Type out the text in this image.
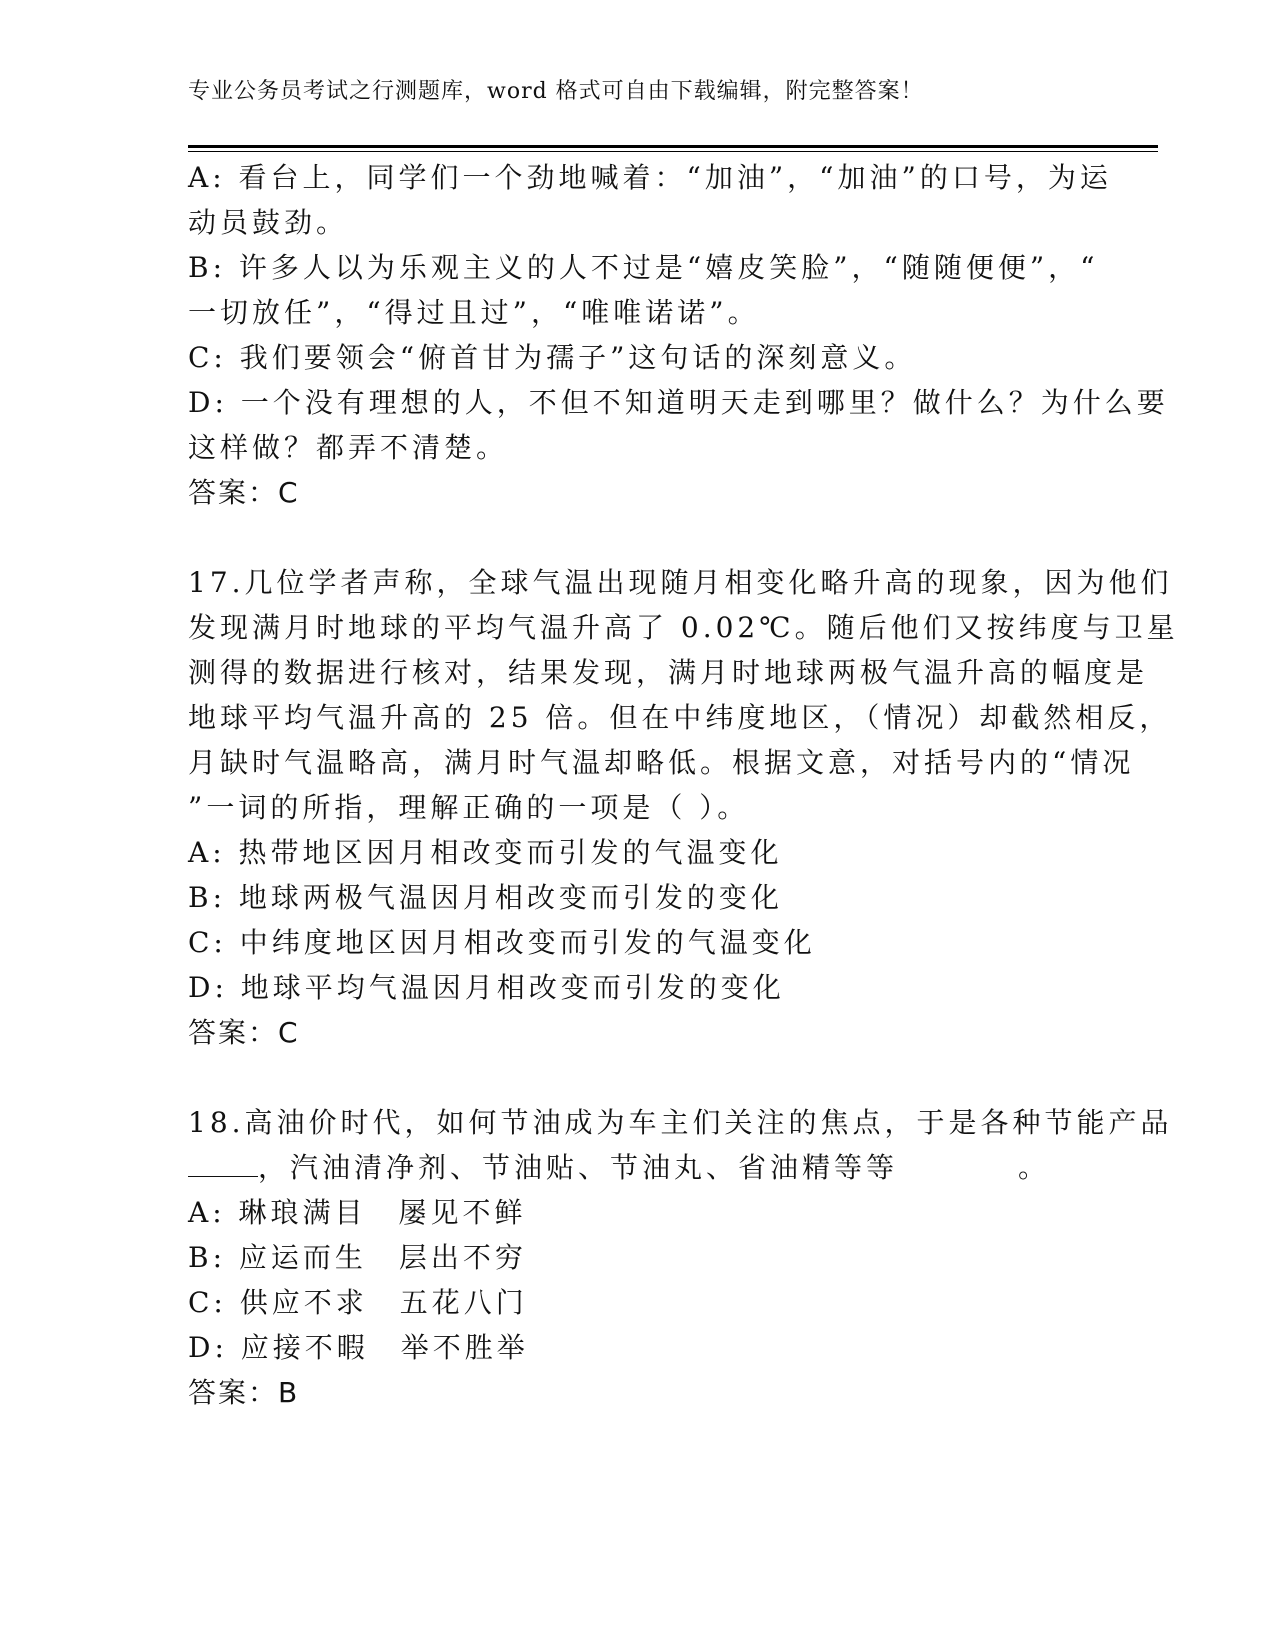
专业公务员考试之行测题库，word 格式可自由下载编辑，附完整答案！
A: 看台上，同学们一个劲地喊着：“加油”，“加油”的口号，为运
动员鼓劲。
B: 许多人以为乐观主义的人不过是“嬉皮笑脸”，“随随便便”，“
一切放任”，“得过且过”，“唯唯诺诺”。
C: 我们要领会“俯首甘为孺子”这句话的深刻意义。
D: 一个没有理想的人，不但不知道明天走到哪里？做什么？为什么要
这样做？都弄不清楚。
答案：C
17.几位学者声称，全球气温出现随月相变化略升高的现象，因为他们
发现满月时地球的平均气温升高了 0.02℃。随后他们又按纬度与卫星
测得的数据进行核对，结果发现，满月时地球两极气温升高的幅度是
地球平均气温升高的 25 倍。但在中纬度地区，（情况）却截然相反，
月缺时气温略高，满月时气温却略低。根据文意，对括号内的“情况
”一词的所指，理解正确的一项是（ ）。
A: 热带地区因月相改变而引发的气温变化
B: 地球两极气温因月相改变而引发的变化
C: 中纬度地区因月相改变而引发的气温变化
D: 地球平均气温因月相改变而引发的变化
答案：C
18.高油价时代，如何节油成为车主们关注的焦点，于是各种节能产品
，汽油清净剂、节油贴、节油丸、省油精等等	。
A: 琳琅满目　屡见不鲜
B: 应运而生　层出不穷
C: 供应不求　五花八门
D: 应接不暇　举不胜举
答案：B
